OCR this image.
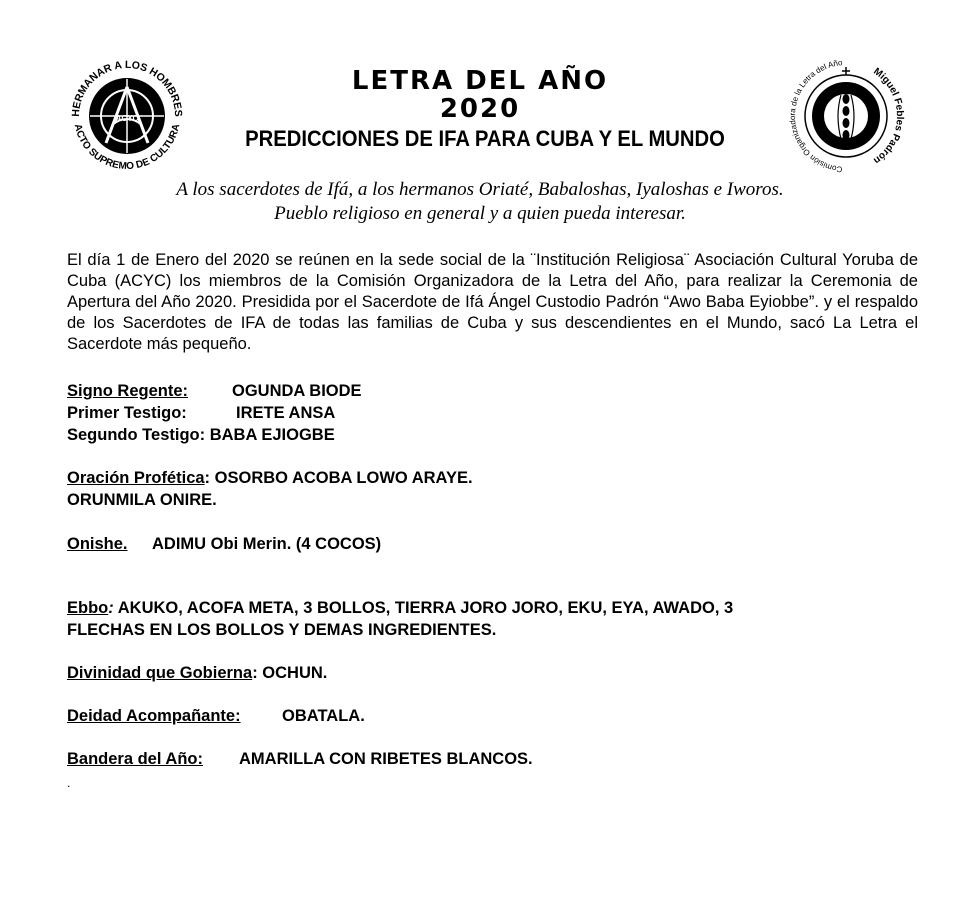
HERMANAR A LOS HOMBRES
ACTO SUPREMO DE CULTURA
ACYC
Comisión Organizadora de la Letra del Año
Miguel Febles Padrón
LETRA DEL AÑO
2020
PREDICCIONES DE IFA PARA CUBA Y EL MUNDO
A los sacerdotes de Ifá, a los hermanos Oriaté, Babaloshas, Iyaloshas e Iworos.
Pueblo religioso en general y a quien pueda interesar.
El día 1 de Enero del 2020 se reúnen en la sede social de la ¨Institución Religiosa¨ Asociación Cultural Yoruba de Cuba (ACYC) los miembros de la Comisión Organizadora de la Letra del Año, para realizar la Ceremonia de Apertura del Año 2020. Presidida por el Sacerdote de Ifá Ángel Custodio Padrón “Awo Baba Eyiobbe”. y el respaldo de los Sacerdotes de IFA de todas las familias de Cuba y sus descendientes en el Mundo, sacó La Letra el Sacerdote más pequeño.
Signo Regente:	OGUNDA BIODE
Primer Testigo:	IRETE ANSA
Segundo Testigo: BABA EJIOGBE
Oración Profética: OSORBO ACOBA LOWO ARAYE.
ORUNMILA ONIRE.
Onishe. ADIMU Obi Merin. (4 COCOS)
Ebbo: AKUKO, ACOFA META, 3 BOLLOS, TIERRA JORO JORO, EKU, EYA, AWADO, 3
FLECHAS EN LOS BOLLOS Y DEMAS INGREDIENTES.
Divinidad que Gobierna: OCHUN.
Deidad Acompañante:	OBATALA.
Bandera del Año: AMARILLA CON RIBETES BLANCOS.
.
